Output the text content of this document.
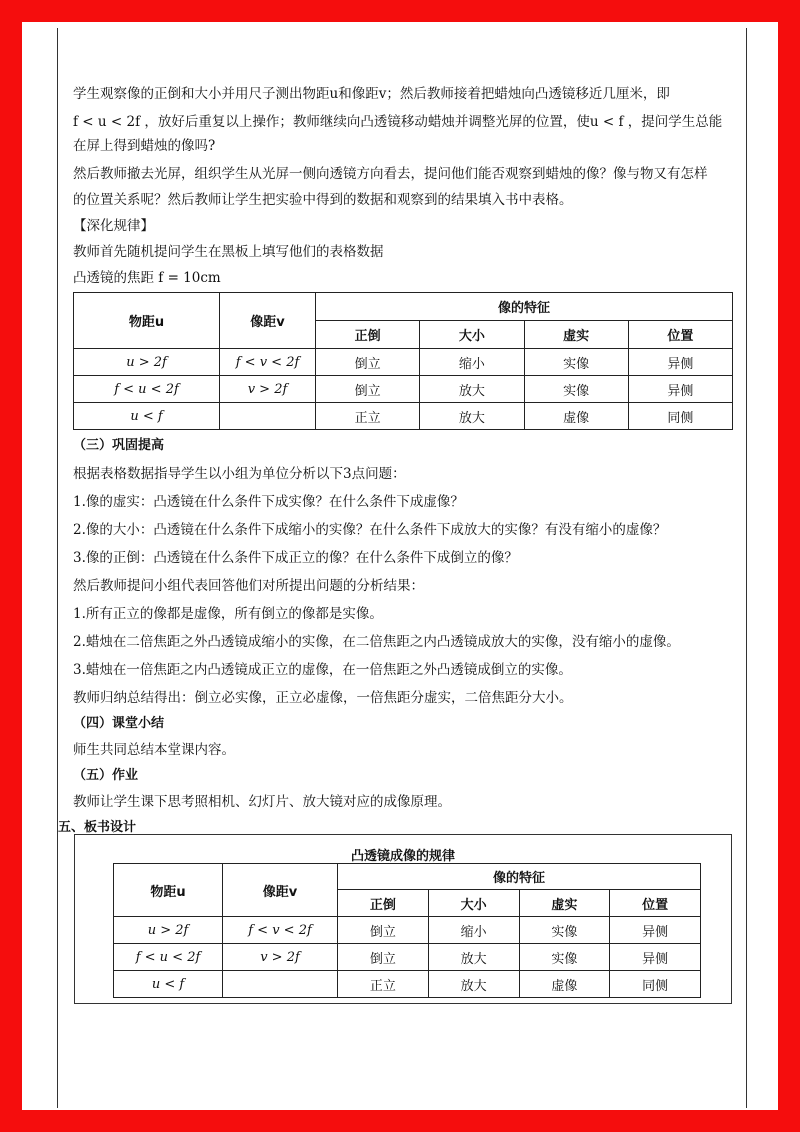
学生观察像的正倒和大小并用尺子测出物距u和像距v；然后教师接着把蜡烛向凸透镜移近几厘米，即
f < u < 2f ，放好后重复以上操作；教师继续向凸透镜移动蜡烛并调整光屏的位置，使u < f ，提问学生总能
在屏上得到蜡烛的像吗?
然后教师撤去光屏，组织学生从光屏一侧向透镜方向看去，提问他们能否观察到蜡烛的像？像与物又有怎样
的位置关系呢？然后教师让学生把实验中得到的数据和观察到的结果填入书中表格。
【深化规律】
教师首先随机提问学生在黑板上填写他们的表格数据
凸透镜的焦距 f = 10cm
物距u	像距v	像的特征			
		正倒	大小	虚实	位置
u > 2f	f < v < 2f	倒立	缩小	实像	异侧
f < u < 2f	v > 2f	倒立	放大	实像	异侧
u < f		正立	放大	虚像	同侧
（三）巩固提高
根据表格数据指导学生以小组为单位分析以下3点问题：
1.像的虚实：凸透镜在什么条件下成实像？在什么条件下成虚像？
2.像的大小：凸透镜在什么条件下成缩小的实像？在什么条件下成放大的实像？有没有缩小的虚像？
3.像的正倒：凸透镜在什么条件下成正立的像？在什么条件下成倒立的像？
然后教师提问小组代表回答他们对所提出问题的分析结果：
1.所有正立的像都是虚像，所有倒立的像都是实像。
2.蜡烛在二倍焦距之外凸透镜成缩小的实像，在二倍焦距之内凸透镜成放大的实像，没有缩小的虚像。
3.蜡烛在一倍焦距之内凸透镜成正立的虚像，在一倍焦距之外凸透镜成倒立的实像。
教师归纳总结得出：倒立必实像，正立必虚像，一倍焦距分虚实，二倍焦距分大小。
（四）课堂小结
师生共同总结本堂课内容。
（五）作业
教师让学生课下思考照相机、幻灯片、放大镜对应的成像原理。
五、板书设计
凸透镜成像的规律
物距u	像距v	像的特征			
		正倒	大小	虚实	位置
u > 2f	f < v < 2f	倒立	缩小	实像	异侧
f < u < 2f	v > 2f	倒立	放大	实像	异侧
u < f		正立	放大	虚像	同侧
